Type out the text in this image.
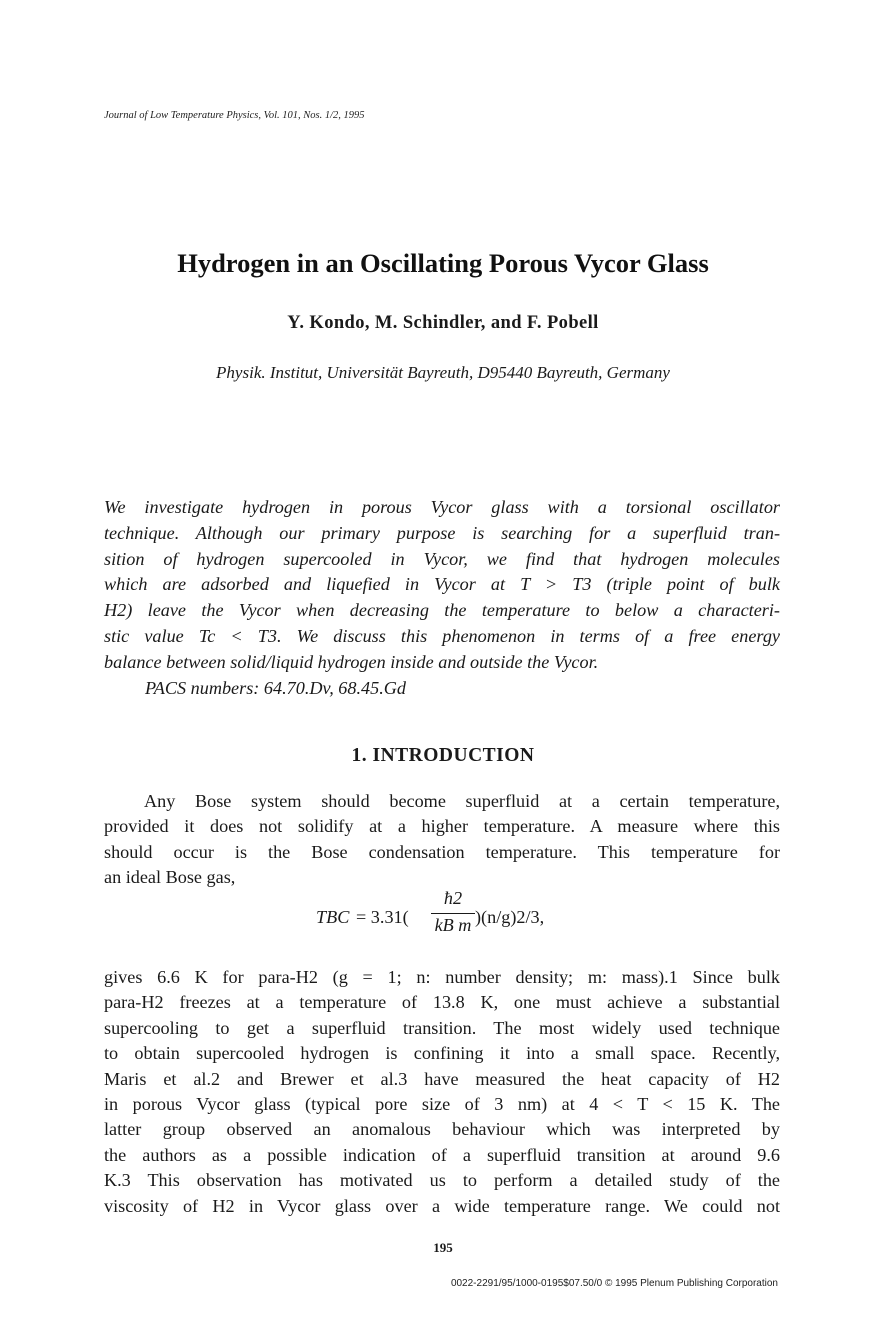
Journal of Low Temperature Physics, Vol. 101, Nos. 1/2, 1995
Hydrogen in an Oscillating Porous Vycor Glass
Y. Kondo, M. Schindler, and F. Pobell
Physik. Institut, Universität Bayreuth, D95440 Bayreuth, Germany
We investigate hydrogen in porous Vycor glass with a torsional oscillator
technique. Although our primary purpose is searching for a superfluid tran-
sition of hydrogen supercooled in Vycor, we find that hydrogen molecules
which are adsorbed and liquefied in Vycor at T > T3 (triple point of bulk
H2) leave the Vycor when decreasing the temperature to below a characteri-
stic value Tc < T3. We discuss this phenomenon in terms of a free energy
balance between solid/liquid hydrogen inside and outside the Vycor.
PACS numbers: 64.70.Dv, 68.45.Gd
1. INTRODUCTION
Any Bose system should become superfluid at a certain temperature,
provided it does not solidify at a higher temperature. A measure where this
should occur is the Bose condensation temperature. This temperature for
an ideal Bose gas,
TBC = 3.31(
ħ2
kB m )(n/g)2/3,
gives 6.6 K for para-H2 (g = 1; n: number density; m: mass).1 Since bulk
para-H2 freezes at a temperature of 13.8 K, one must achieve a substantial
supercooling to get a superfluid transition. The most widely used technique
to obtain supercooled hydrogen is confining it into a small space. Recently,
Maris et al.2 and Brewer et al.3 have measured the heat capacity of H2
in porous Vycor glass (typical pore size of 3 nm) at 4 < T < 15 K. The
latter group observed an anomalous behaviour which was interpreted by
the authors as a possible indication of a superfluid transition at around 9.6
K.3 This observation has motivated us to perform a detailed study of the
viscosity of H2 in Vycor glass over a wide temperature range. We could not
195
0022-2291/95/1000-0195$07.50/0 © 1995 Plenum Publishing Corporation
